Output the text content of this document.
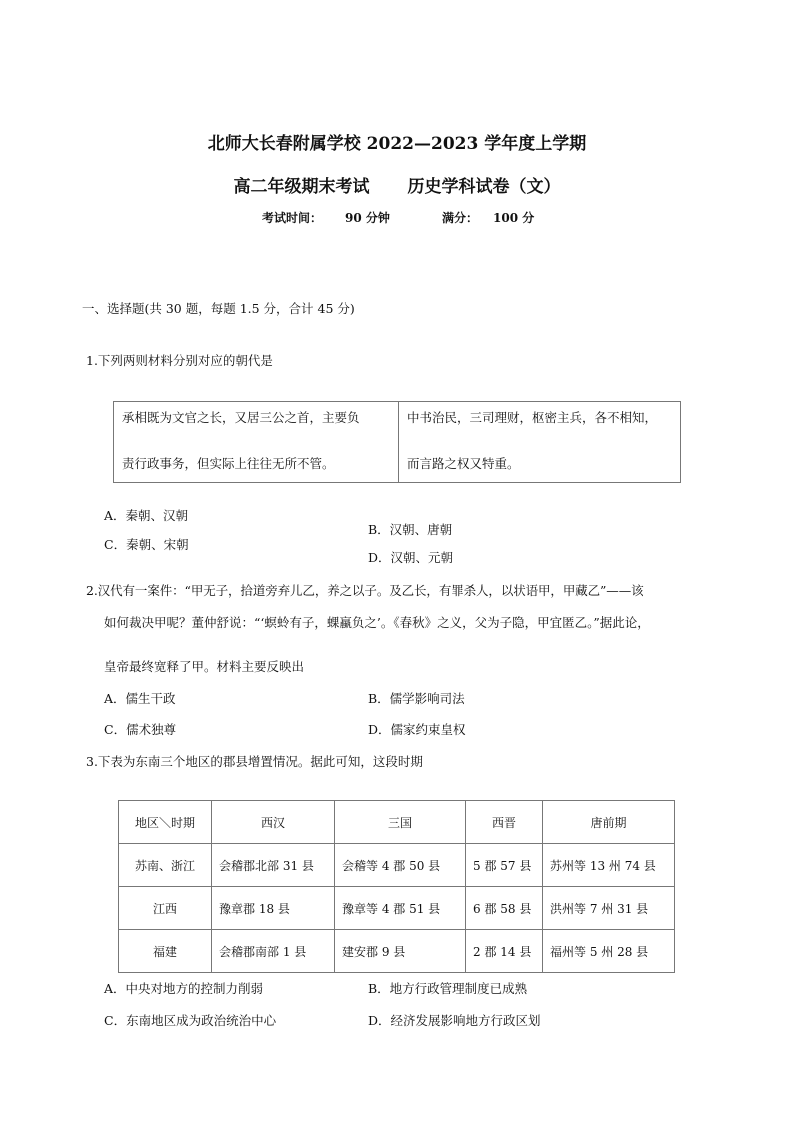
北师大长春附属学校 2022—2023 学年度上学期
高二年级期末考试 历史学科试卷（文）
考试时间： 90 分钟	满分： 100 分
一、选择题(共 30 题，每题 1.5 分，合计 45 分)
1.下列两则材料分别对应的朝代是
承相既为文官之长，又居三公之首，主要负
责行政事务，但实际上往往无所不管。

中书治民，三司理财，枢密主兵，各不相知，
而言路之权又特重。
A．秦朝、汉朝
B．汉朝、唐朝
C．秦朝、宋朝
D．汉朝、元朝
2.汉代有一案件：“甲无子，拾道旁弃儿乙，养之以子。及乙长，有罪杀人，以状语甲，甲藏乙”——该
如何裁决甲呢？董仲舒说：“‘螟蛉有子，蜾蠃负之’。《春秋》之义，父为子隐，甲宜匿乙。”据此论，
皇帝最终宽释了甲。材料主要反映出
A．儒生干政	B．儒学影响司法
C．儒术独尊	D．儒家约束皇权
3.下表为东南三个地区的郡县增置情况。据此可知，这段时期
地区＼时期	西汉	三国	西晋	唐前期
苏南、浙江	会稽郡北部 31 县	会稽等 4 郡 50 县	5 郡 57 县	苏州等 13 州 74 县
江西	豫章郡 18 县	豫章等 4 郡 51 县	6 郡 58 县	洪州等 7 州 31 县
福建	会稽郡南部 1 县	建安郡 9 县	2 郡 14 县	福州等 5 州 28 县
A．中央对地方的控制力削弱	B．地方行政管理制度已成熟
C．东南地区成为政治统治中心	D．经济发展影响地方行政区划
